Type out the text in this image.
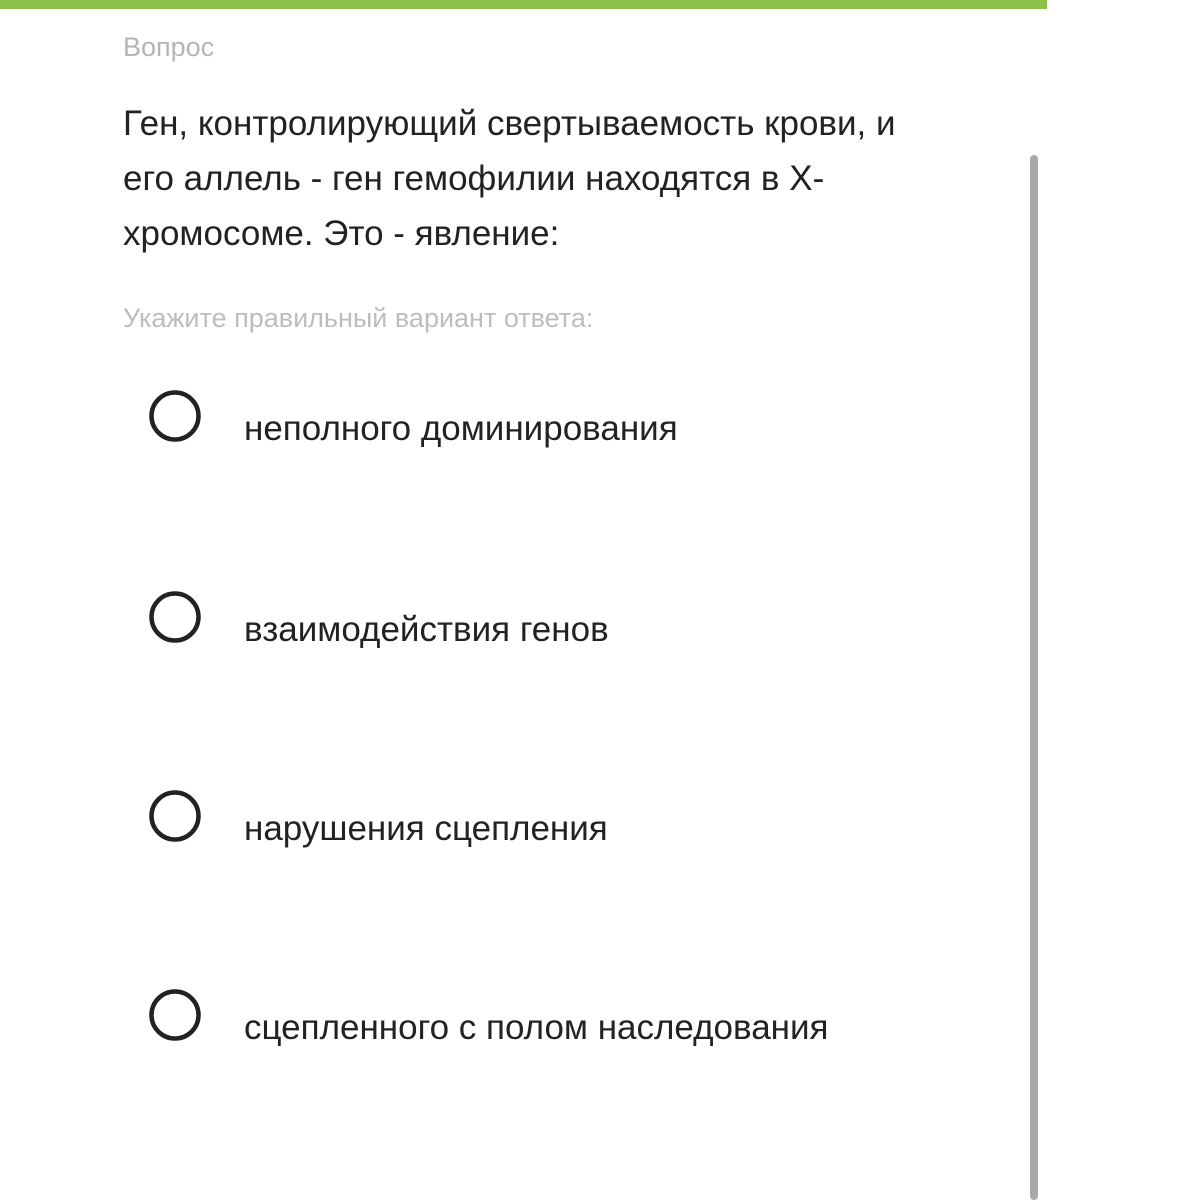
Вопрос

Ген, контролирующий свертываемость крови, и его аллель - ген гемофилии находятся в Х-хромосоме. Это - явление:

Укажите правильный вариант ответа:
неполного доминирования
взаимодействия генов
нарушения сцепления
сцепленного с полом наследования
